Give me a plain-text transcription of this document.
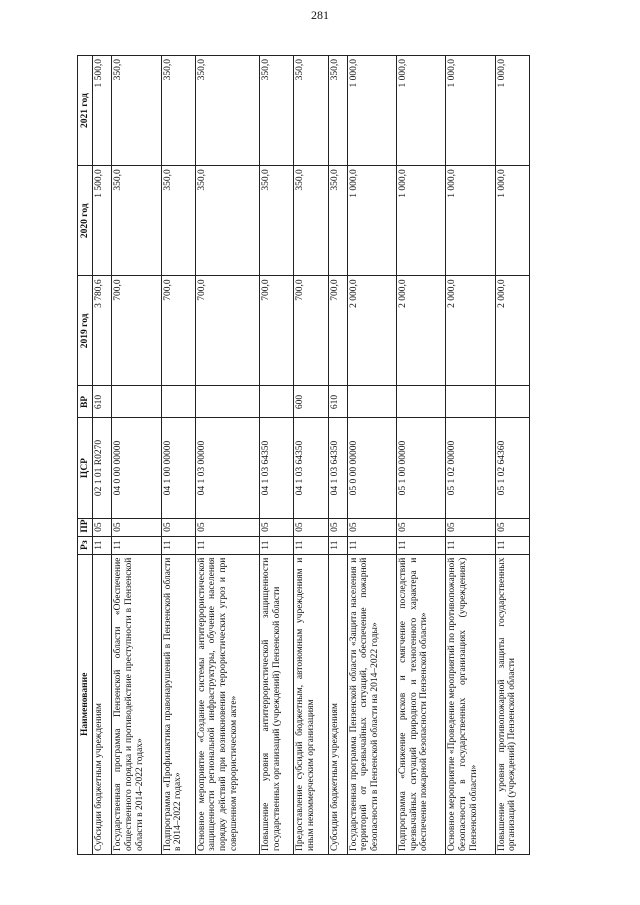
281
Наименование	Рз	ПР	ЦСР	ВР	2019 год	2020 год	2021 год
Субсидии бюджетным учреждениям	11	05	02 1 01 R0270	610	3 780,6	1 500,0	1 500,0
Государственная программа Пензенской области «Обеспечение общественного порядка и противодействие преступности в Пензенской области в 2014–2022 годах»	11	05	04 0 00 00000		700,0	350,0	350,0
Подпрограмма «Профилактика правонарушений в Пензенской области в 2014–2022 годах»	11	05	04 1 00 00000		700,0	350,0	350,0
Основное мероприятие «Создание системы антитеррористической защищенности региональной инфраструктуры, обучение населения порядку действий при возникновении террористических угроз и при совершенном террористическом акте»	11	05	04 1 03 00000		700,0	350,0	350,0
Повышение уровня антитеррористической защищенности государственных организаций (учреждений) Пензенской области	11	05	04 1 03 64350		700,0	350,0	350,0
Предоставление субсидий бюджетным, автономным учреждениям и иным некоммерческим организациям	11	05	04 1 03 64350	600	700,0	350,0	350,0
Субсидии бюджетным учреждениям	11	05	04 1 03 64350	610	700,0	350,0	350,0
Государственная программа Пензенской области «Защита населения и территорий от чрезвычайных ситуаций, обеспечение пожарной безопасности в Пензенской области на 2014–2022 годы»	11	05	05 0 00 00000		2 000,0	1 000,0	1 000,0
Подпрограмма «Снижение рисков и смягчение последствий чрезвычайных ситуаций природного и техногенного характера и обеспечение пожарной безопасности Пензенской области»	11	05	05 1 00 00000		2 000,0	1 000,0	1 000,0
Основное мероприятие «Проведение мероприятий по противопожарной безопасности в государственных организациях (учреждениях) Пензенской области»	11	05	05 1 02 00000		2 000,0	1 000,0	1 000,0
Повышение уровня противопожарной защиты государственных организаций (учреждений) Пензенской области	11	05	05 1 02 64360		2 000,0	1 000,0	1 000,0
